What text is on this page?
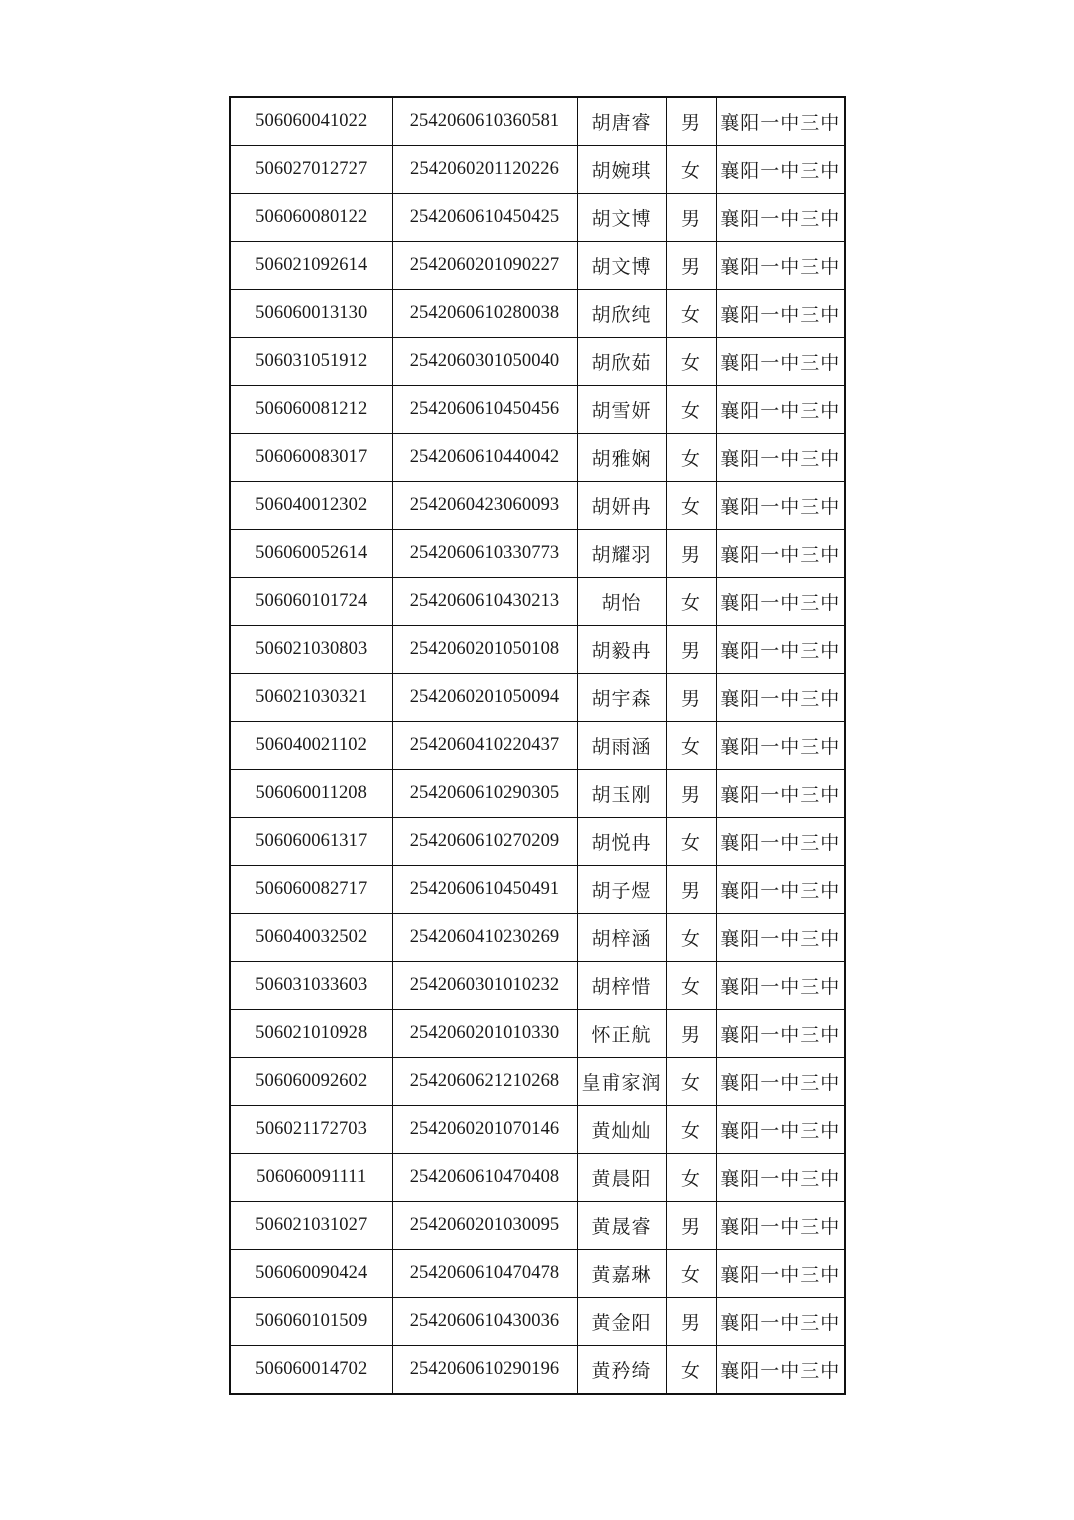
506060041022	2542060610360581	胡唐睿	男	襄阳一中三中
506027012727	2542060201120226	胡婉琪	女	襄阳一中三中
506060080122	2542060610450425	胡文博	男	襄阳一中三中
506021092614	2542060201090227	胡文博	男	襄阳一中三中
506060013130	2542060610280038	胡欣纯	女	襄阳一中三中
506031051912	2542060301050040	胡欣茹	女	襄阳一中三中
506060081212	2542060610450456	胡雪妍	女	襄阳一中三中
506060083017	2542060610440042	胡雅娴	女	襄阳一中三中
506040012302	2542060423060093	胡妍冉	女	襄阳一中三中
506060052614	2542060610330773	胡耀羽	男	襄阳一中三中
506060101724	2542060610430213	胡怡	女	襄阳一中三中
506021030803	2542060201050108	胡毅冉	男	襄阳一中三中
506021030321	2542060201050094	胡宇森	男	襄阳一中三中
506040021102	2542060410220437	胡雨涵	女	襄阳一中三中
506060011208	2542060610290305	胡玉刚	男	襄阳一中三中
506060061317	2542060610270209	胡悦冉	女	襄阳一中三中
506060082717	2542060610450491	胡子煜	男	襄阳一中三中
506040032502	2542060410230269	胡梓涵	女	襄阳一中三中
506031033603	2542060301010232	胡梓惜	女	襄阳一中三中
506021010928	2542060201010330	怀正航	男	襄阳一中三中
506060092602	2542060621210268	皇甫家润	女	襄阳一中三中
506021172703	2542060201070146	黄灿灿	女	襄阳一中三中
506060091111	2542060610470408	黄晨阳	女	襄阳一中三中
506021031027	2542060201030095	黄晟睿	男	襄阳一中三中
506060090424	2542060610470478	黄嘉琳	女	襄阳一中三中
506060101509	2542060610430036	黄金阳	男	襄阳一中三中
506060014702	2542060610290196	黄矜绮	女	襄阳一中三中
